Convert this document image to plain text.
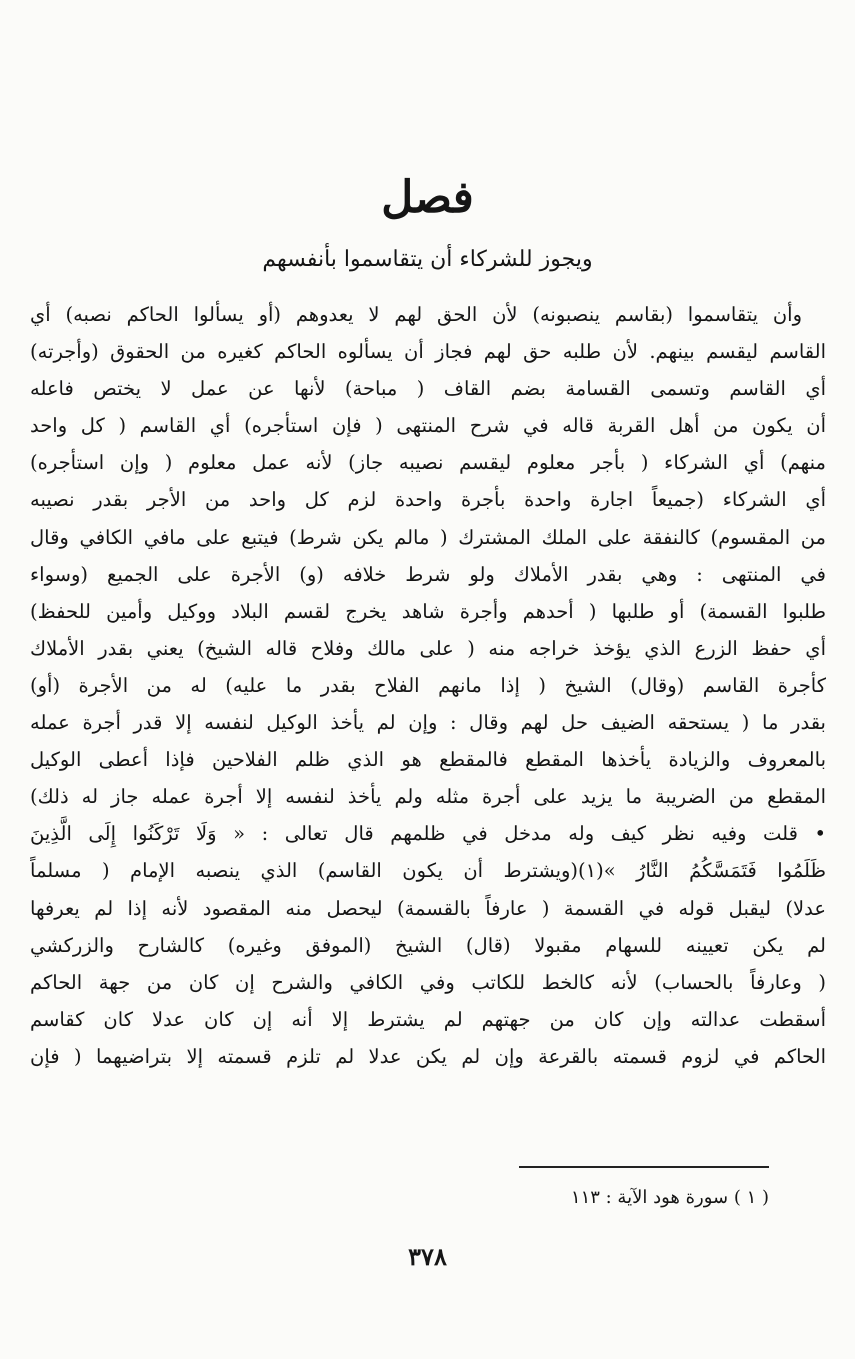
فصل
ويجوز للشركاء أن يتقاسموا بأنفسهم
وأن يتقاسموا (بقاسم ينصبونه) لأن الحق لهم لا يعدوهم (أو يسألوا الحاكم نصبه) أي
القاسم ليقسم بينهم. لأن طلبه حق لهم فجاز أن يسألوه الحاكم كغيره من الحقوق (وأجرته)
أي القاسم وتسمى القسامة بضم القاف ( مباحة) لأنها عن عمل لا يختص فاعله
أن يكون من أهل القربة قاله في شرح المنتهى ( فإن استأجره) أي القاسم ( كل واحد
منهم) أي الشركاء ( بأجر معلوم ليقسم نصيبه جاز) لأنه عمل معلوم ( وإن استأجره)
أي الشركاء (جميعاً اجارة واحدة بأجرة واحدة لزم كل واحد من الأجر بقدر نصيبه
من المقسوم) كالنفقة على الملك المشترك ( مالم يكن شرط) فيتبع على مافي الكافي وقال
في المنتهى : وهي بقدر الأملاك ولو شرط خلافه (و) الأجرة على الجميع (وسواء
طلبوا القسمة) أو طلبها ( أحدهم وأجرة شاهد يخرج لقسم البلاد ووكيل وأمين للحفظ)
أي حفظ الزرع الذي يؤخذ خراجه منه ( على مالك وفلاح قاله الشيخ) يعني بقدر الأملاك
كأجرة القاسم (وقال) الشيخ ( إذا مانهم الفلاح بقدر ما عليه) له من الأجرة (أو)
بقدر ما ( يستحقه الضيف حل لهم وقال : وإن لم يأخذ الوكيل لنفسه إلا قدر أجرة عمله
بالمعروف والزيادة يأخذها المقطع فالمقطع هو الذي ظلم الفلاحين فإذا أعطى الوكيل
المقطع من الضريبة ما يزيد على أجرة مثله ولم يأخذ لنفسه إلا أجرة عمله جاز له ذلك)
• قلت وفيه نظر كيف وله مدخل في ظلمهم قال تعالى : « وَلَا تَرْكَنُوا إِلَى الَّذِينَ
ظَلَمُوا فَتَمَسَّكُمُ النَّارُ »(١)(ويشترط أن يكون القاسم) الذي ينصبه الإمام ( مسلماً
عدلا) ليقبل قوله في القسمة ( عارفاً بالقسمة) ليحصل منه المقصود لأنه إذا لم يعرفها
لم يكن تعيينه للسهام مقبولا (قال) الشيخ (الموفق وغيره) كالشارح والزركشي
( وعارفاً بالحساب) لأنه كالخط للكاتب وفي الكافي والشرح إن كان من جهة الحاكم
أسقطت عدالته وإن كان من جهتهم لم يشترط إلا أنه إن كان عدلا كان كقاسم
الحاكم في لزوم قسمته بالقرعة وإن لم يكن عدلا لم تلزم قسمته إلا بتراضيهما ( فإن
( ١ ) سورة هود الآية : ١١٣
٣٧٨
